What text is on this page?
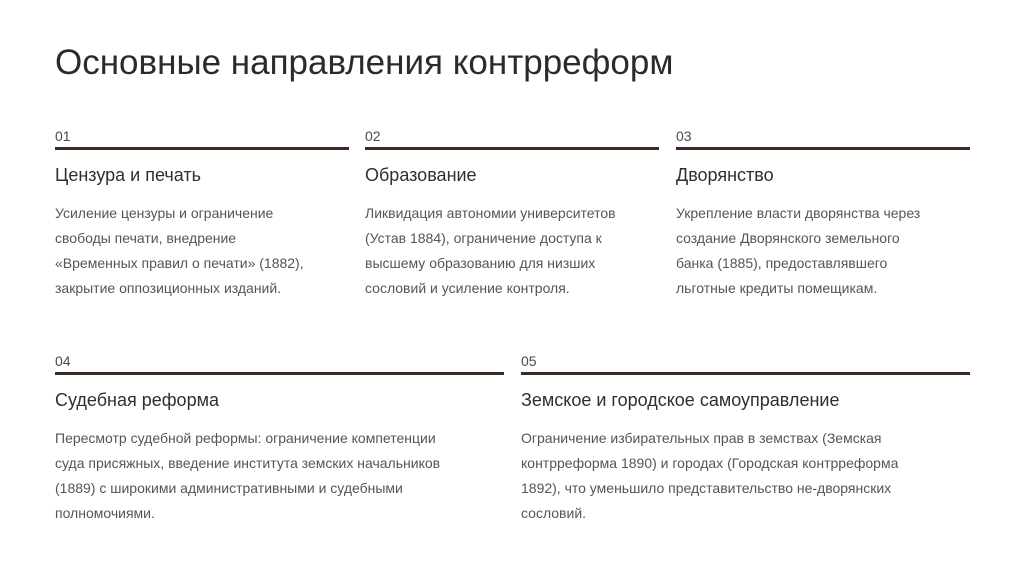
Основные направления контрреформ
01
Цензура и печать
Усиление цензуры и ограничение
свободы печати, внедрение
«Временных правил о печати» (1882),
закрытие оппозиционных изданий.
02
Образование
Ликвидация автономии университетов
(Устав 1884), ограничение доступа к
высшему образованию для низших
сословий и усиление контроля.
03
Дворянство
Укрепление власти дворянства через
создание Дворянского земельного
банка (1885), предоставлявшего
льготные кредиты помещикам.
04
Судебная реформа
Пересмотр судебной реформы: ограничение компетенции
суда присяжных, введение института земских начальников
(1889) с широкими административными и судебными
полномочиями.
05
Земское и городское самоуправление
Ограничение избирательных прав в земствах (Земская
контрреформа 1890) и городах (Городская контрреформа
1892), что уменьшило представительство не-дворянских
сословий.
